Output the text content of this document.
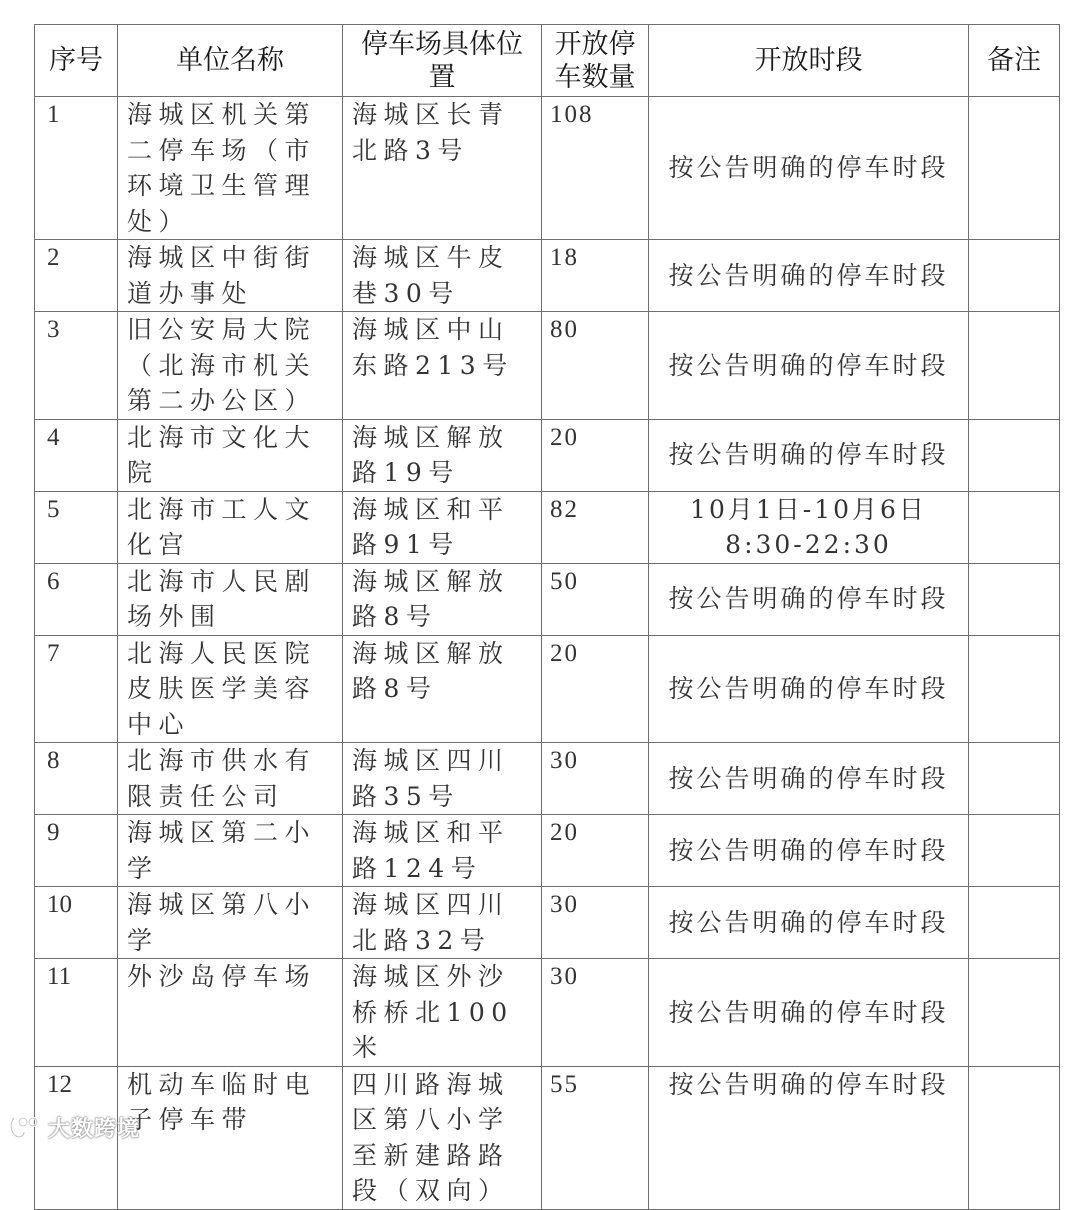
序号	单位名称	停车场具体位置	开放停车数量	开放时段	备注
1	海城区机关第二停车场（市环境卫生管理处）	海城区长青北路3号	108	按公告明确的停车时段	

2	海城区中街街道办事处	海城区牛皮巷30号	18	按公告明确的停车时段	

3	旧公安局大院（北海市机关第二办公区）	海城区中山东路213号	80	按公告明确的停车时段	

4	北海市文化大院	海城区解放路19号	20	按公告明确的停车时段	

5	北海市工人文化宫	海城区和平路91号	82	10月1日-10月6日
8:30-22:30	

6	北海市人民剧场外围	海城区解放路8号	50	按公告明确的停车时段	

7	北海人民医院皮肤医学美容中心	海城区解放路8号	20	按公告明确的停车时段	

8	北海市供水有限责任公司	海城区四川路35号	30	按公告明确的停车时段	

9	海城区第二小学	海城区和平路124号	20	按公告明确的停车时段	

10	海城区第八小学	海城区四川北路32号	30	按公告明确的停车时段	

11	外沙岛停车场	海城区外沙桥桥北100米	30	按公告明确的停车时段	

12	机动车临时电子停车带	四川路海城区第八小学至新建路路段（双向）	55	按公告明确的停车时段	

大数跨境
